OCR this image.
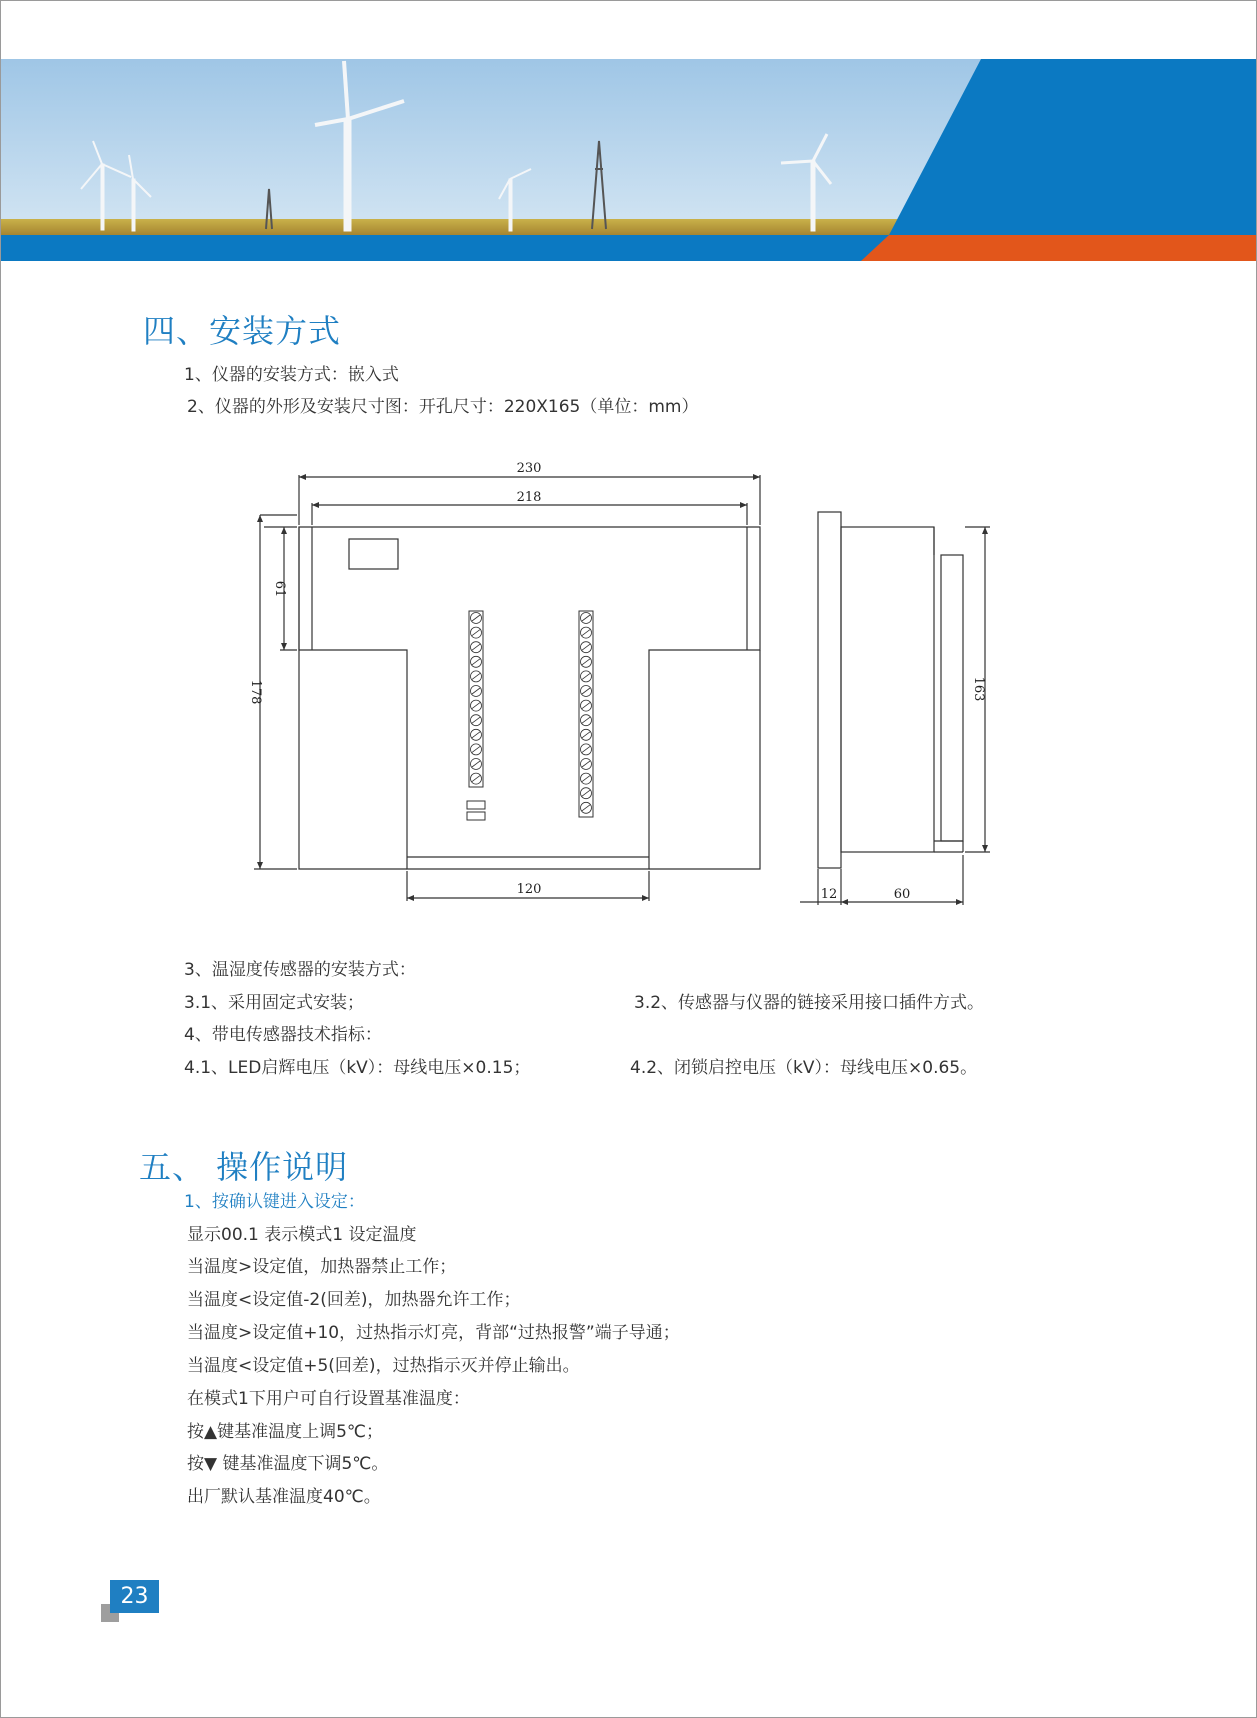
四、安装方式
1、仪器的安装方式：嵌入式
2、仪器的外形及安装尺寸图：开孔尺寸：220X165（单位：mm）
230
218
61
178
120
163
12	60
3、温湿度传感器的安装方式：
3.1、采用固定式安装；	3.2、传感器与仪器的链接采用接口插件方式。
4、带电传感器技术指标：
4.1、LED启辉电压（kV）：母线电压×0.15；	4.2、闭锁启控电压（kV）：母线电压×0.65。
五、 操作说明
1、按确认键进入设定：
显示00.1 表示模式1 设定温度
当温度>设定值，加热器禁止工作；
当温度<设定值-2(回差)，加热器允许工作；
当温度>设定值+10，过热指示灯亮，背部“过热报警”端子导通；
当温度<设定值+5(回差)，过热指示灭并停止输出。
在模式1下用户可自行设置基准温度：
按▲键基准温度上调5℃；
按▼ 键基准温度下调5℃。
出厂默认基准温度40℃。
23
